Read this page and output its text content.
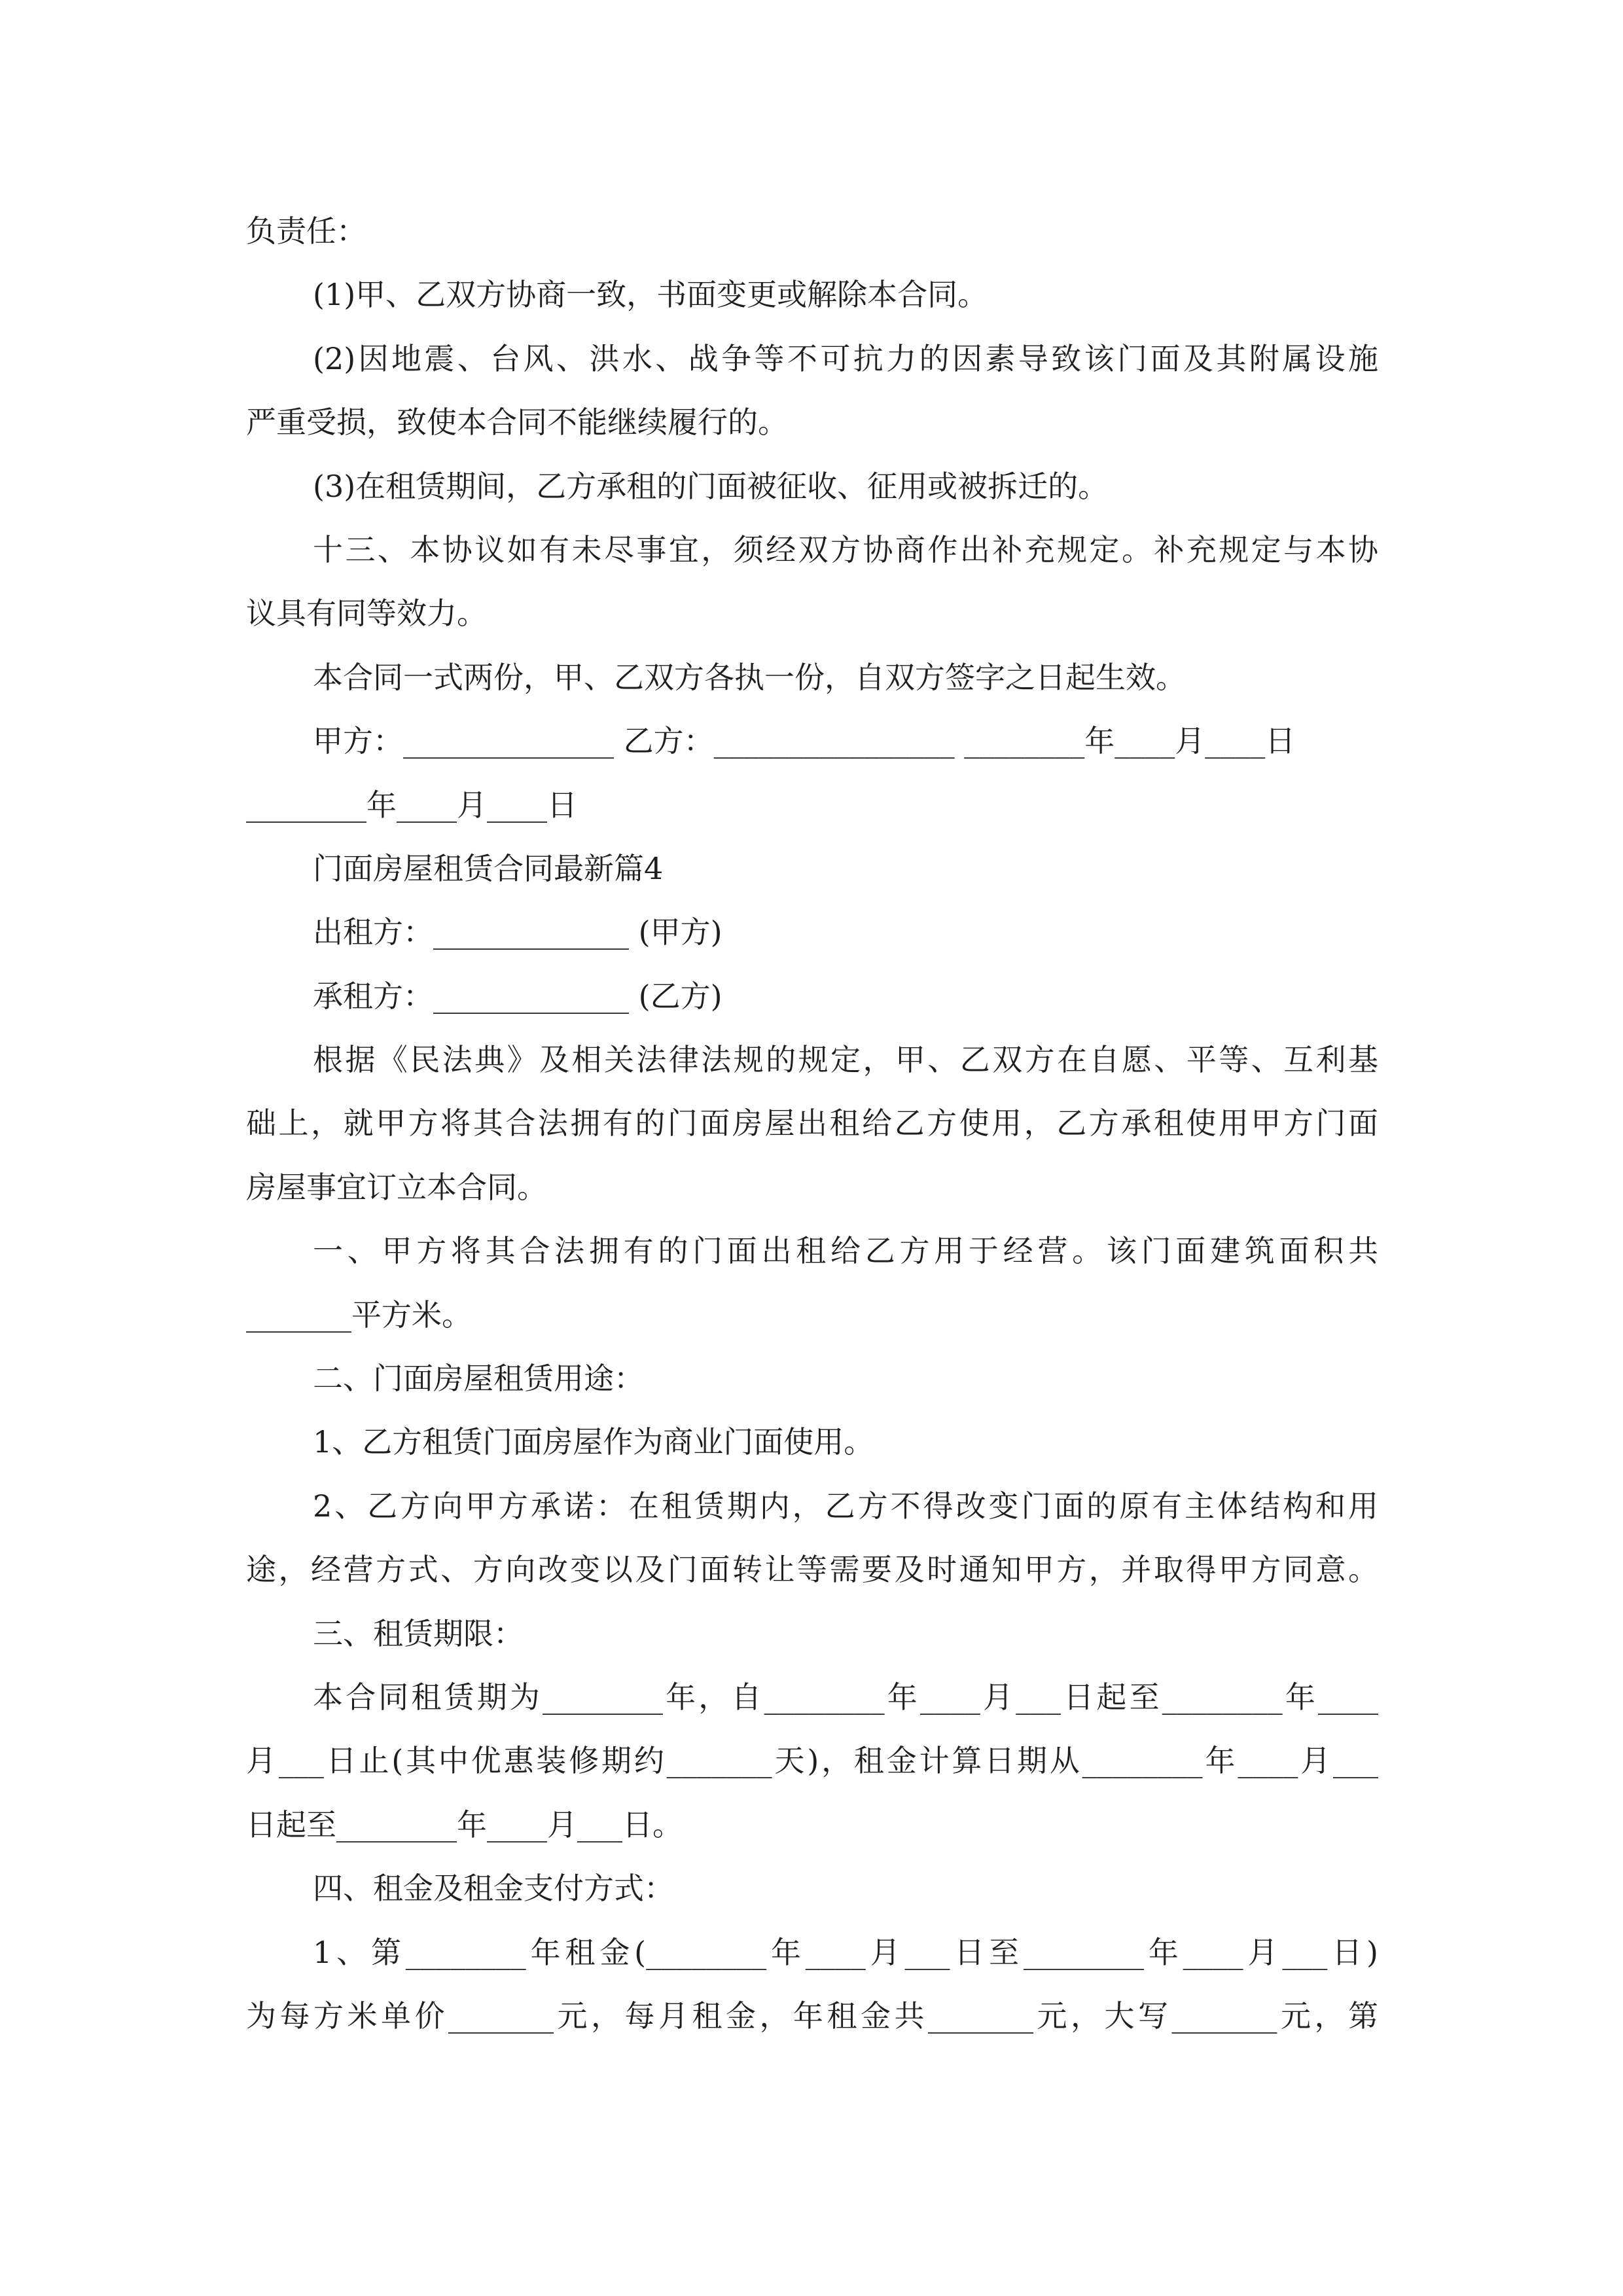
负责任：
(1)甲、乙双方协商一致，书面变更或解除本合同。
(2)因地震、台风、洪水、战争等不可抗力的因素导致该门面及其附属设施
严重受损，致使本合同不能继续履行的。
(3)在租赁期间，乙方承租的门面被征收、征用或被拆迁的。
十三、本协议如有未尽事宜，须经双方协商作出补充规定。补充规定与本协
议具有同等效力。
本合同一式两份，甲、乙双方各执一份，自双方签字之日起生效。
甲方：______________ 乙方：________________ ________年____月____日
________年____月____日
门面房屋租赁合同最新篇4
出租方：_____________ (甲方)
承租方：_____________ (乙方)
根据《民法典》及相关法律法规的规定，甲、乙双方在自愿、平等、互利基
础上，就甲方将其合法拥有的门面房屋出租给乙方使用，乙方承租使用甲方门面
房屋事宜订立本合同。
一、甲方将其合法拥有的门面出租给乙方用于经营。该门面建筑面积共
_______平方米。
二、门面房屋租赁用途：
1、乙方租赁门面房屋作为商业门面使用。
2、乙方向甲方承诺：在租赁期内，乙方不得改变门面的原有主体结构和用
途，经营方式、方向改变以及门面转让等需要及时通知甲方，并取得甲方同意。
三、租赁期限：
本合同租赁期为________年，自________年____月___日起至________年____
月___日止(其中优惠装修期约_______天)，租金计算日期从________年____月___
日起至________年____月___日。
四、租金及租金支付方式：
1、第________年租金(________年____月___日至________年____月___日)
为每方米单价_______元，每月租金，年租金共_______元，大写_______元，第
